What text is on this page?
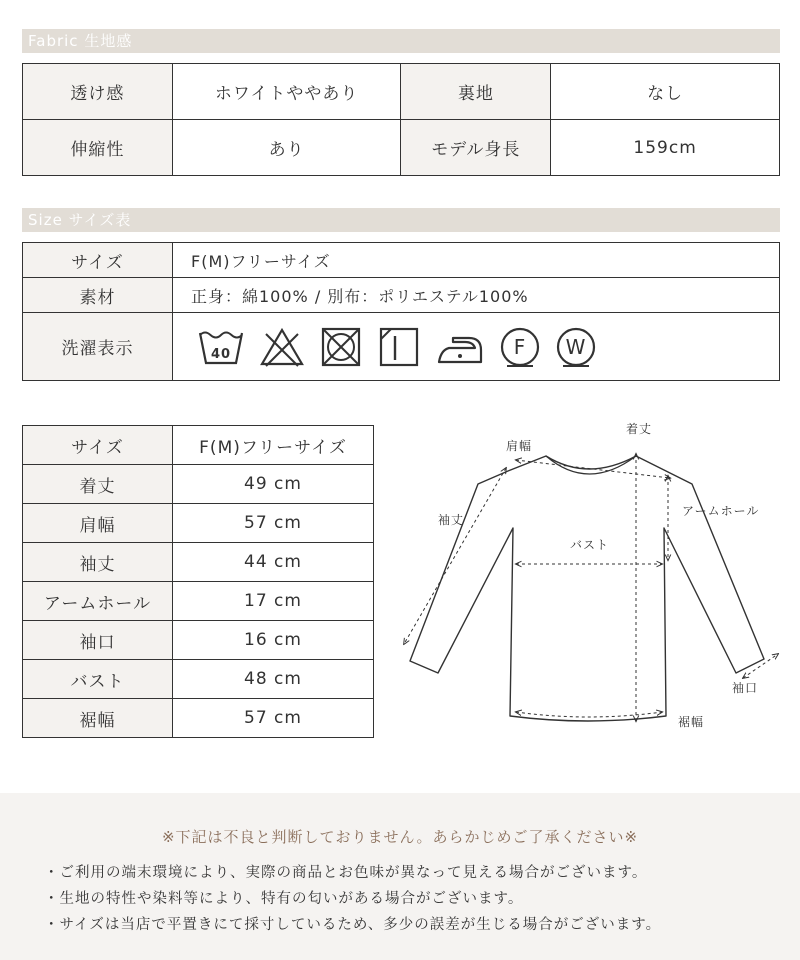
Fabric 生地感
透け感	ホワイトややあり	裏地	なし
伸縮性	あり	モデル身長	159cm
Size サイズ表
サイズ	F(M)フリーサイズ
素材	正身：綿100% / 別布：ポリエステル100%
洗濯表示	40 F W
サイズ	F(M)フリーサイズ
着丈	49 cm
肩幅	57 cm
袖丈	44 cm
アームホール	17 cm
袖口	16 cm
バスト	48 cm
裾幅	57 cm
着丈
肩幅
袖丈
アームホール
バスト
袖口
裾幅
※下記は不良と判断しておりません。あらかじめご了承ください※
・ご利用の端末環境により、実際の商品とお色味が異なって見える場合がございます。
・生地の特性や染料等により、特有の匂いがある場合がございます。
・サイズは当店で平置きにて採寸しているため、多少の誤差が生じる場合がございます。
